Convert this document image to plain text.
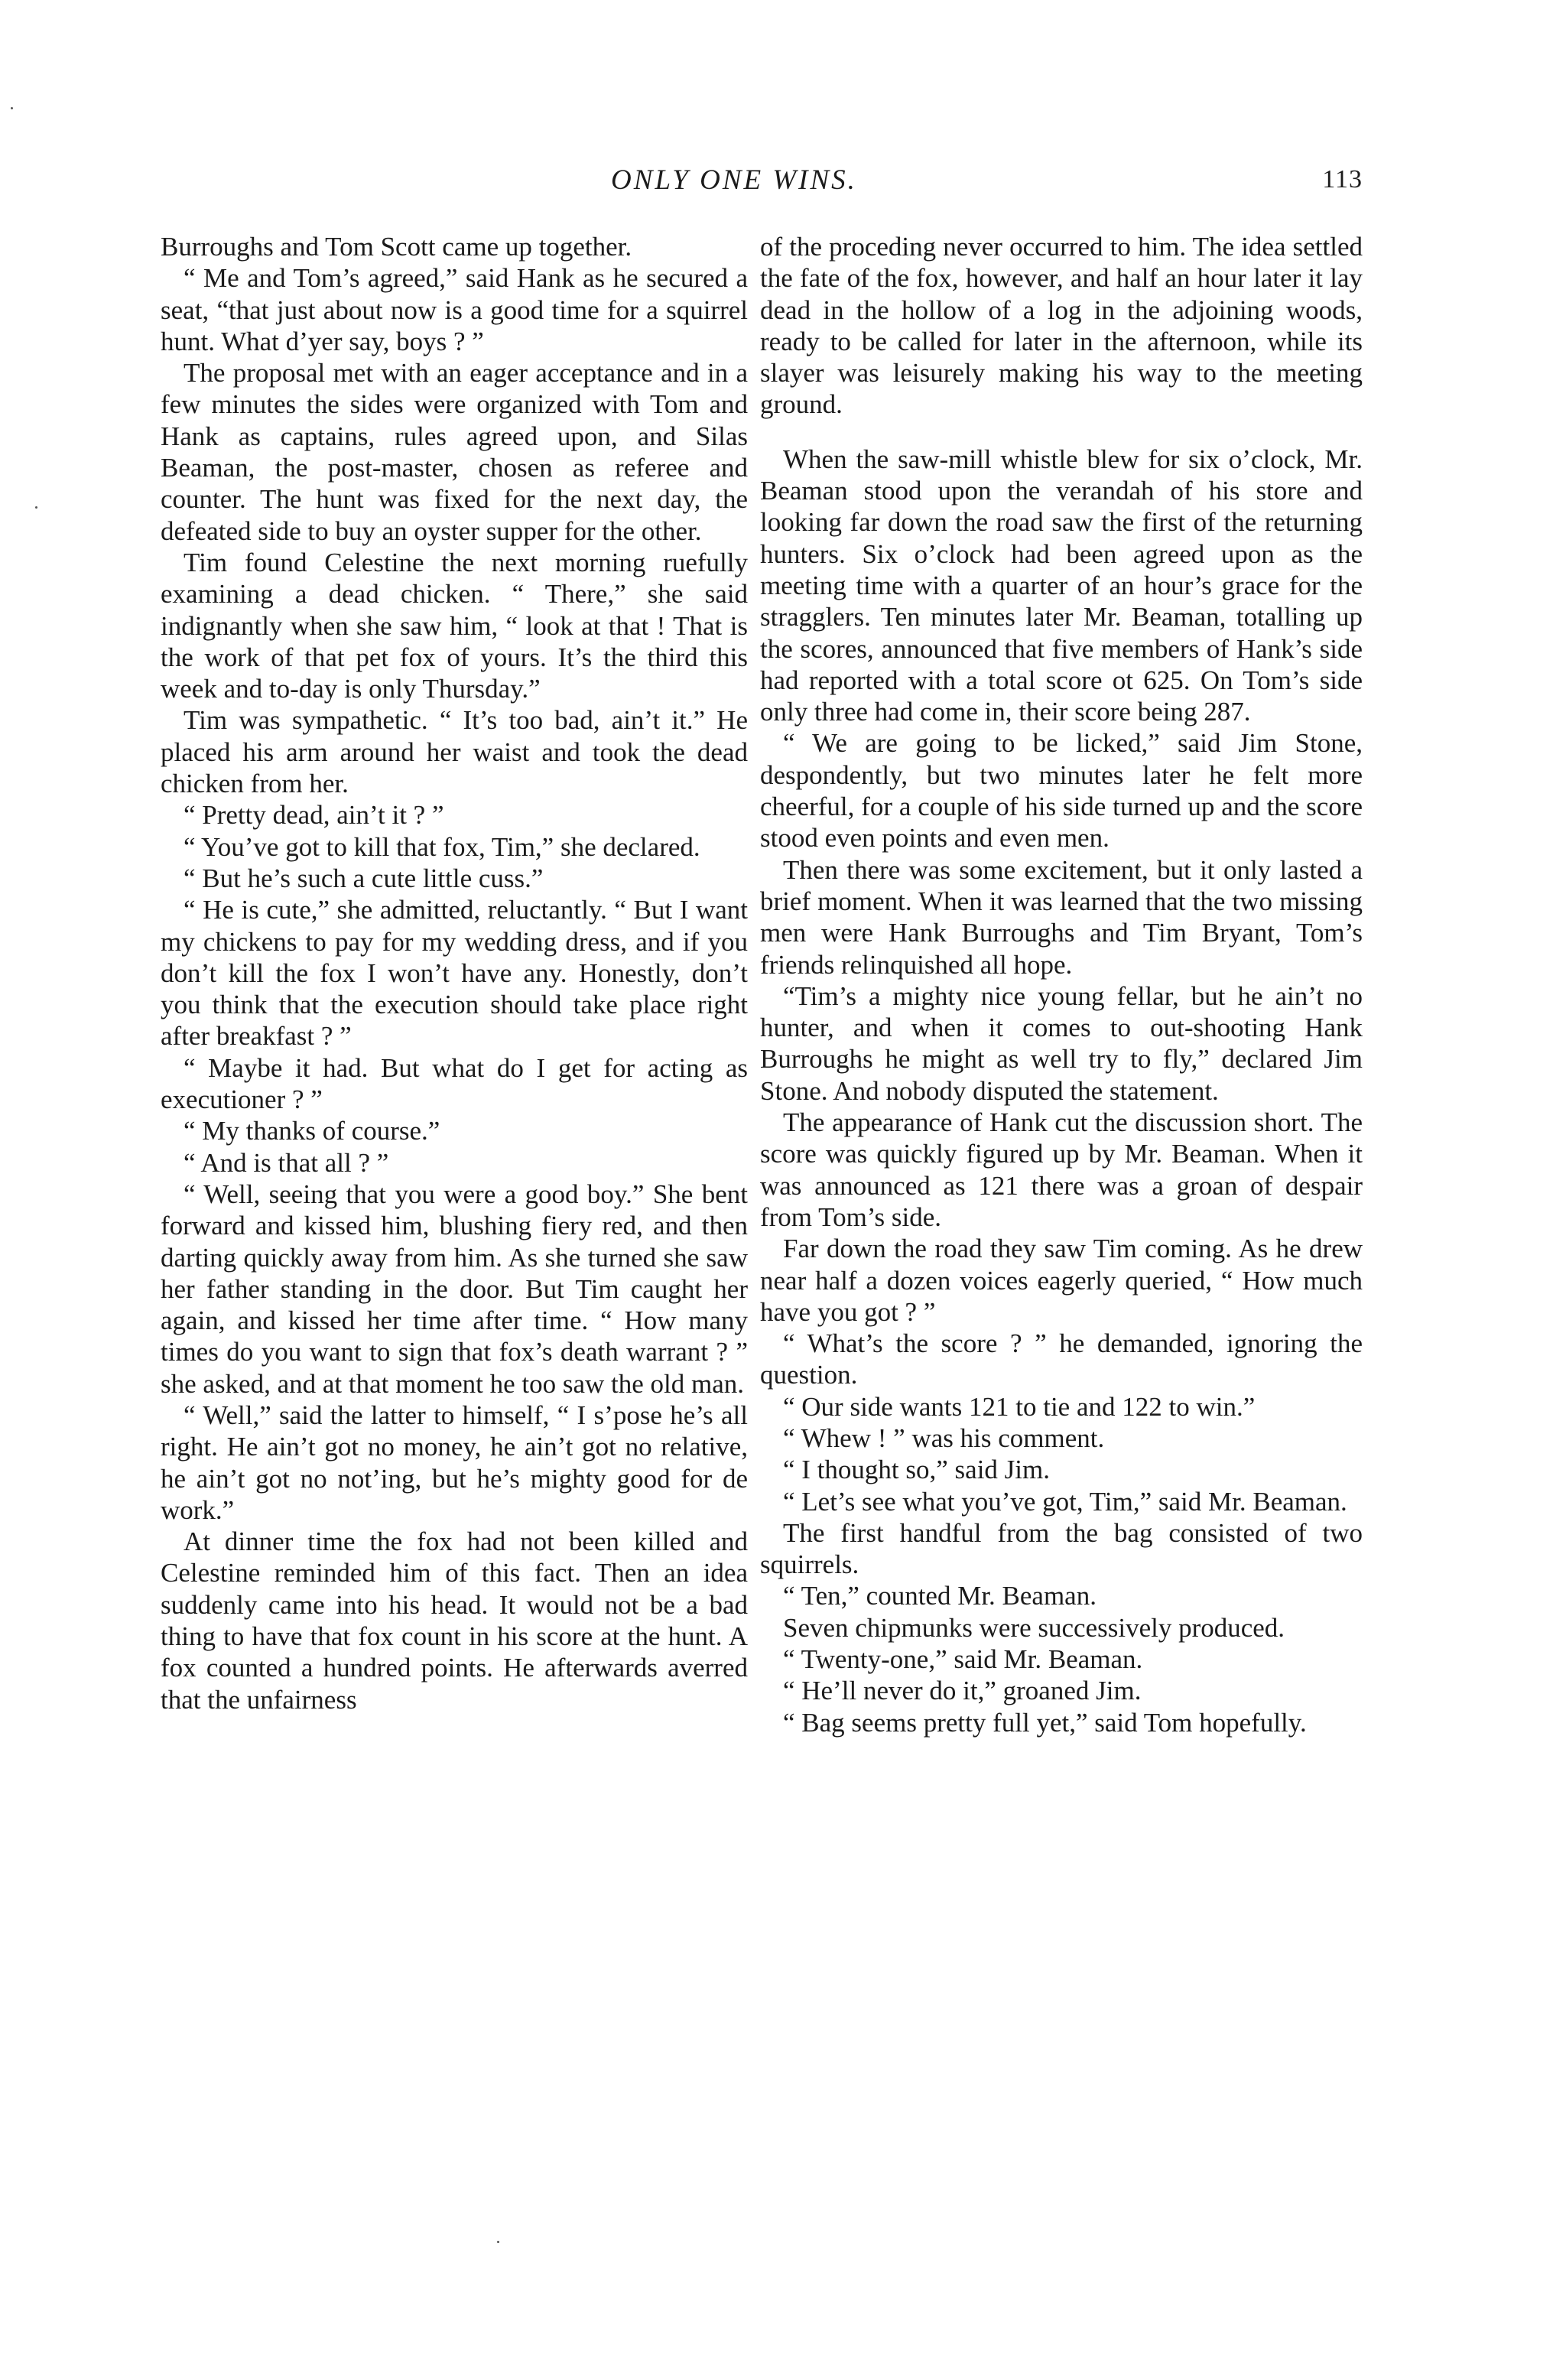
ONLY ONE WINS.	113

Burroughs and Tom Scott came up together.

“ Me and Tom’s agreed,” said Hank as he secured a seat, “that just about now is a good time for a squirrel hunt. What d’yer say, boys ? ”

The proposal met with an eager acceptance and in a few minutes the sides were organized with Tom and Hank as captains, rules agreed upon, and Silas Beaman, the post-master, chosen as referee and counter. The hunt was fixed for the next day, the defeated side to buy an oyster supper for the other.

Tim found Celestine the next morning ruefully examining a dead chicken. “ There,” she said indignantly when she saw him, “ look at that ! That is the work of that pet fox of yours. It’s the third this week and to-day is only Thursday.”

Tim was sympathetic. “ It’s too bad, ain’t it.” He placed his arm around her waist and took the dead chicken from her.

“ Pretty dead, ain’t it ? ”

“ You’ve got to kill that fox, Tim,” she declared.

“ But he’s such a cute little cuss.”

“ He is cute,” she admitted, reluctantly. “ But I want my chickens to pay for my wedding dress, and if you don’t kill the fox I won’t have any. Honestly, don’t you think that the execution should take place right after breakfast ? ”

“ Maybe it had. But what do I get for acting as executioner ? ”

“ My thanks of course.”

“ And is that all ? ”

“ Well, seeing that you were a good boy.” She bent forward and kissed him, blushing fiery red, and then darting quickly away from him. As she turned she saw her father standing in the door. But Tim caught her again, and kissed her time after time. “ How many times do you want to sign that fox’s death warrant ? ” she asked, and at that moment he too saw the old man.

“ Well,” said the latter to himself, “ I s’pose he’s all right. He ain’t got no money, he ain’t got no relative, he ain’t got no not’ing, but he’s mighty good for de work.”

At dinner time the fox had not been killed and Celestine reminded him of this fact. Then an idea suddenly came into his head. It would not be a bad thing to have that fox count in his score at the hunt. A fox counted a hundred points. He afterwards averred that the unfairness

of the proceding never occurred to him. The idea settled the fate of the fox, however, and half an hour later it lay dead in the hollow of a log in the adjoining woods, ready to be called for later in the afternoon, while its slayer was leisurely making his way to the meeting ground.

When the saw-mill whistle blew for six o’clock, Mr. Beaman stood upon the verandah of his store and looking far down the road saw the first of the returning hunters. Six o’clock had been agreed upon as the meeting time with a quarter of an hour’s grace for the stragglers. Ten minutes later Mr. Beaman, totalling up the scores, announced that five members of Hank’s side had reported with a total score ot 625. On Tom’s side only three had come in, their score being 287.

“ We are going to be licked,” said Jim Stone, despondently, but two minutes later he felt more cheerful, for a couple of his side turned up and the score stood even points and even men.

Then there was some excitement, but it only lasted a brief moment. When it was learned that the two missing men were Hank Burroughs and Tim Bryant, Tom’s friends relinquished all hope.

“Tim’s a mighty nice young fellar, but he ain’t no hunter, and when it comes to out-shooting Hank Burroughs he might as well try to fly,” declared Jim Stone. And nobody disputed the statement.

The appearance of Hank cut the discussion short. The score was quickly figured up by Mr. Beaman. When it was announced as 121 there was a groan of despair from Tom’s side.

Far down the road they saw Tim coming. As he drew near half a dozen voices eagerly queried, “ How much have you got ? ”

“ What’s the score ? ” he demanded, ignoring the question.

“ Our side wants 121 to tie and 122 to win.”

“ Whew ! ” was his comment.

“ I thought so,” said Jim.

“ Let’s see what you’ve got, Tim,” said Mr. Beaman.

The first handful from the bag consisted of two squirrels.

“ Ten,” counted Mr. Beaman.

Seven chipmunks were successively produced.

“ Twenty-one,” said Mr. Beaman.

“ He’ll never do it,” groaned Jim.

“ Bag seems pretty full yet,” said Tom hopefully.
